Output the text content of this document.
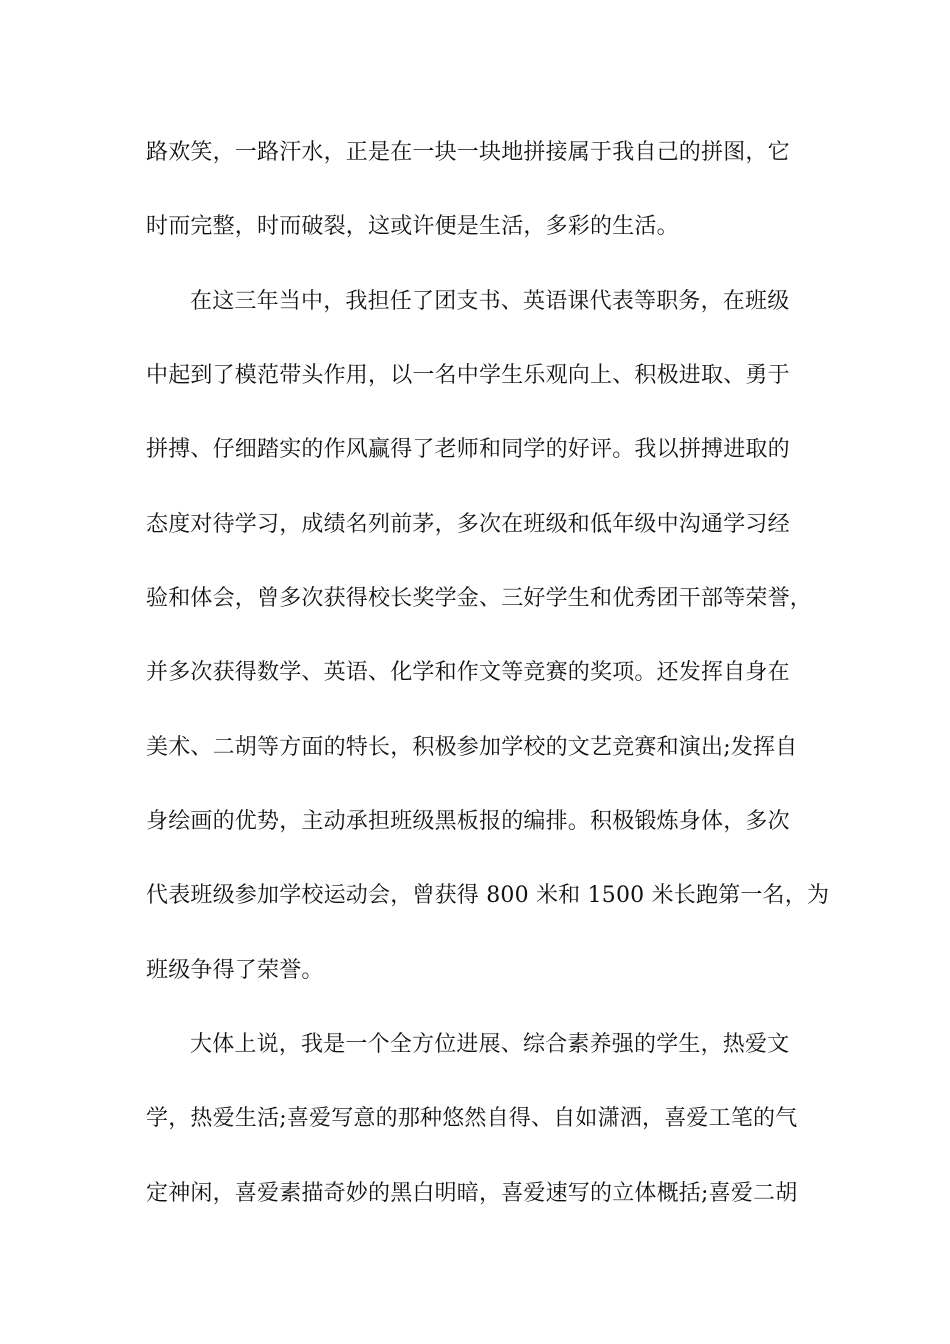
路欢笑，一路汗水，正是在一块一块地拼接属于我自己的拼图，它
时而完整，时而破裂，这或许便是生活，多彩的生活。
在这三年当中，我担任了团支书、英语课代表等职务，在班级
中起到了模范带头作用，以一名中学生乐观向上、积极进取、勇于
拼搏、仔细踏实的作风赢得了老师和同学的好评。我以拼搏进取的
态度对待学习，成绩名列前茅，多次在班级和低年级中沟通学习经
验和体会，曾多次获得校长奖学金、三好学生和优秀团干部等荣誉，
并多次获得数学、英语、化学和作文等竞赛的奖项。还发挥自身在
美术、二胡等方面的特长，积极参加学校的文艺竞赛和演出;发挥自
身绘画的优势，主动承担班级黑板报的编排。积极锻炼身体，多次
代表班级参加学校运动会，曾获得 800 米和 1500 米长跑第一名，为
班级争得了荣誉。
大体上说，我是一个全方位进展、综合素养强的学生，热爱文
学，热爱生活;喜爱写意的那种悠然自得、自如潇洒，喜爱工笔的气
定神闲，喜爱素描奇妙的黑白明暗，喜爱速写的立体概括;喜爱二胡
